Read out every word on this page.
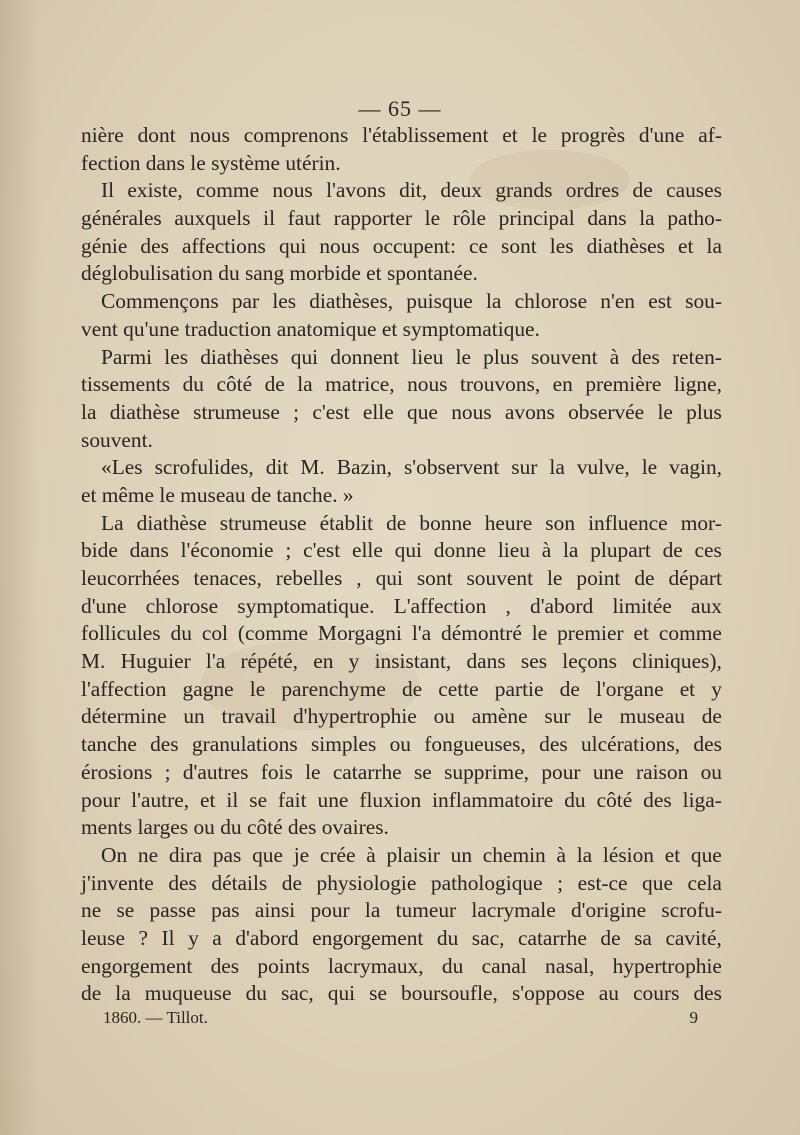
— 65 —
nière dont nous comprenons l'établissement et le progrès d'une af-
fection dans le système utérin.
Il existe, comme nous l'avons dit, deux grands ordres de causes
générales auxquels il faut rapporter le rôle principal dans la patho-
génie des affections qui nous occupent: ce sont les diathèses et la
déglobulisation du sang morbide et spontanée.
Commençons par les diathèses, puisque la chlorose n'en est sou-
vent qu'une traduction anatomique et symptomatique.
Parmi les diathèses qui donnent lieu le plus souvent à des reten-
tissements du côté de la matrice, nous trouvons, en première ligne,
la diathèse strumeuse ; c'est elle que nous avons observée le plus
souvent.
«Les scrofulides, dit M. Bazin, s'observent sur la vulve, le vagin,
et même le museau de tanche. »
La diathèse strumeuse établit de bonne heure son influence mor-
bide dans l'économie ; c'est elle qui donne lieu à la plupart de ces
leucorrhées tenaces, rebelles , qui sont souvent le point de départ
d'une chlorose symptomatique. L'affection , d'abord limitée aux
follicules du col (comme Morgagni l'a démontré le premier et comme
M. Huguier l'a répété, en y insistant, dans ses leçons cliniques),
l'affection gagne le parenchyme de cette partie de l'organe et y
détermine un travail d'hypertrophie ou amène sur le museau de
tanche des granulations simples ou fongueuses, des ulcérations, des
érosions ; d'autres fois le catarrhe se supprime, pour une raison ou
pour l'autre, et il se fait une fluxion inflammatoire du côté des liga-
ments larges ou du côté des ovaires.
On ne dira pas que je crée à plaisir un chemin à la lésion et que
j'invente des détails de physiologie pathologique ; est-ce que cela
ne se passe pas ainsi pour la tumeur lacrymale d'origine scrofu-
leuse ? Il y a d'abord engorgement du sac, catarrhe de sa cavité,
engorgement des points lacrymaux, du canal nasal, hypertrophie
de la muqueuse du sac, qui se boursoufle, s'oppose au cours des
1860. — Tillot.	9
